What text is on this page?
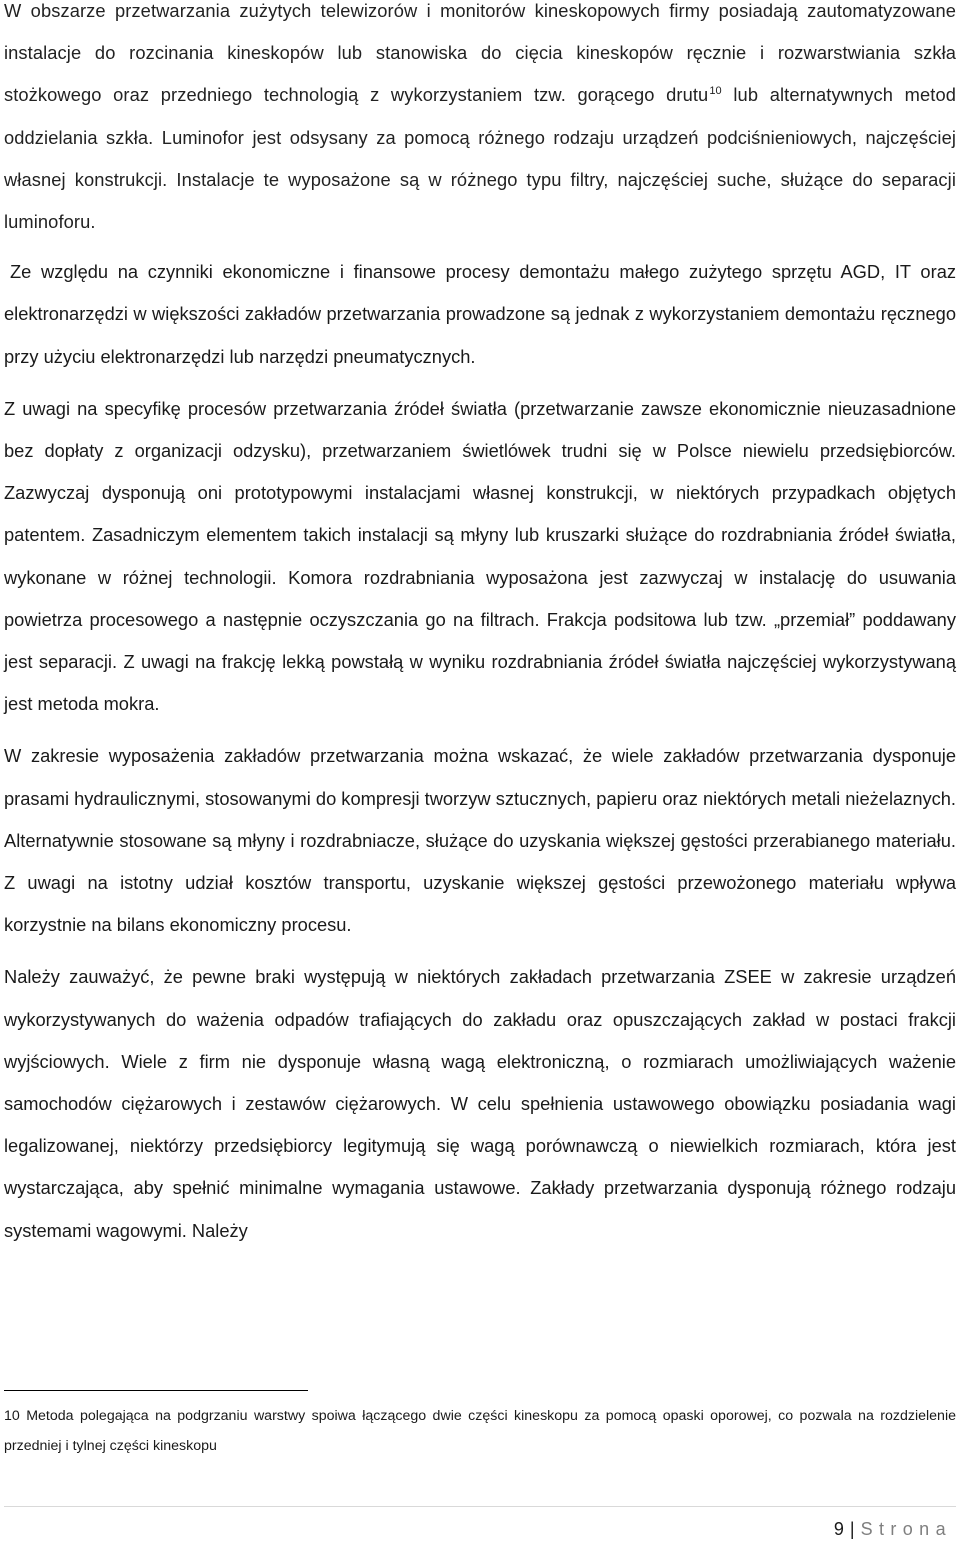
W obszarze przetwarzania zużytych telewizorów i monitorów kineskopowych firmy posiadają zautomatyzowane instalacje do rozcinania kineskopów lub stanowiska do cięcia kineskopów ręcznie i rozwarstwiania szkła stożkowego oraz przedniego technologią z wykorzystaniem tzw. gorącego drutu$^{10}$ lub alternatywnych metod oddzielania szkła. Luminofor jest odsysany za pomocą różnego rodzaju urządzeń podciśnieniowych, najczęściej własnej konstrukcji. Instalacje te wyposażone są w różnego typu filtry, najczęściej suche, służące do separacji luminoforu.

Ze względu na czynniki ekonomiczne i finansowe procesy demontażu małego zużytego sprzętu AGD, IT oraz elektronarzędzi w większości zakładów przetwarzania prowadzone są jednak z wykorzystaniem demontażu ręcznego przy użyciu elektronarzędzi lub narzędzi pneumatycznych.

Z uwagi na specyfikę procesów przetwarzania źródeł światła (przetwarzanie zawsze ekonomicznie nieuzasadnione bez dopłaty z organizacji odzysku), przetwarzaniem świetlówek trudni się w Polsce niewielu przedsiębiorców. Zazwyczaj dysponują oni prototypowymi instalacjami własnej konstrukcji, w niektórych przypadkach objętych patentem. Zasadniczym elementem takich instalacji są młyny lub kruszarki służące do rozdrabniania źródeł światła, wykonane w różnej technologii. Komora rozdrabniania wyposażona jest zazwyczaj w instalację do usuwania powietrza procesowego a następnie oczyszczania go na filtrach. Frakcja podsitowa lub tzw. „przemiał” poddawany jest separacji. Z uwagi na frakcję lekką powstałą w wyniku rozdrabniania źródeł światła najczęściej wykorzystywaną jest metoda mokra.

W zakresie wyposażenia zakładów przetwarzania można wskazać, że wiele zakładów przetwarzania dysponuje prasami hydraulicznymi, stosowanymi do kompresji tworzyw sztucznych, papieru oraz niektórych metali nieżelaznych. Alternatywnie stosowane są młyny i rozdrabniacze, służące do uzyskania większej gęstości przerabianego materiału. Z uwagi na istotny udział kosztów transportu, uzyskanie większej gęstości przewożonego materiału wpływa korzystnie na bilans ekonomiczny procesu.

Należy zauważyć, że pewne braki występują w niektórych zakładach przetwarzania ZSEE w zakresie urządzeń wykorzystywanych do ważenia odpadów trafiających do zakładu oraz opuszczających zakład w postaci frakcji wyjściowych. Wiele z firm nie dysponuje własną wagą elektroniczną, o rozmiarach umożliwiających ważenie samochodów ciężarowych i zestawów ciężarowych. W celu spełnienia ustawowego obowiązku posiadania wagi legalizowanej, niektórzy przedsiębiorcy legitymują się wagą porównawczą o niewielkich rozmiarach, która jest wystarczająca, aby spełnić minimalne wymagania ustawowe. Zakłady przetwarzania dysponują różnego rodzaju systemami wagowymi. Należy

10 Metoda polegająca na podgrzaniu warstwy spoiwa łączącego dwie części kineskopu za pomocą opaski oporowej, co pozwala na rozdzielenie przedniej i tylnej części kineskopu

9 | Strona
